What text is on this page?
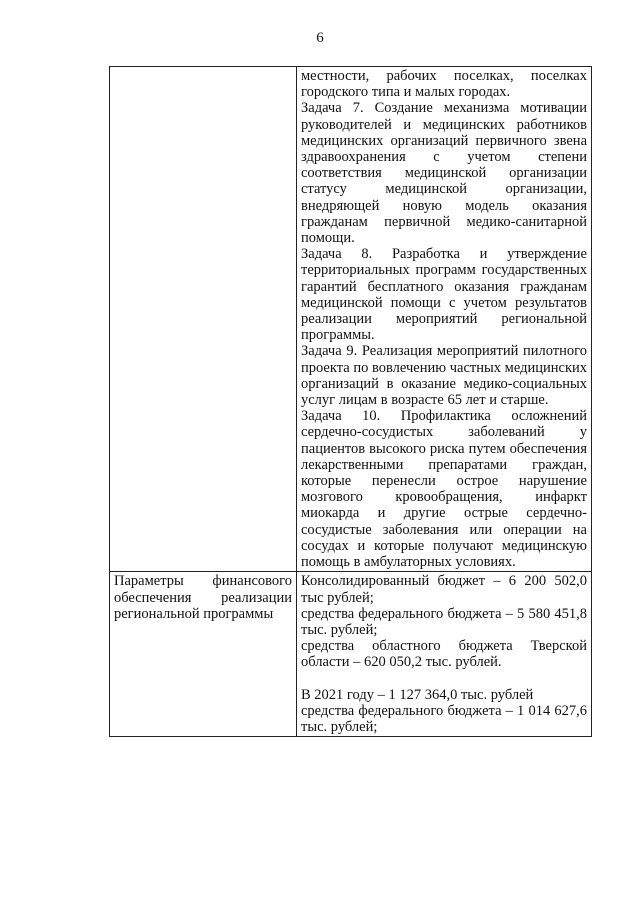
6

	местности, рабочих поселках, поселках городского типа и малых городах.
Задача 7. Создание механизма мотивации руководителей и медицинских работников медицинских организаций первичного звена здравоохранения с учетом степени соответствия медицинской организации статусу медицинской организации, внедряющей новую модель оказания гражданам первичной медико-санитарной помощи.
Задача 8. Разработка и утверждение территориальных программ государственных гарантий бесплатного оказания гражданам медицинской помощи с учетом результатов реализации мероприятий региональной программы.
Задача 9. Реализация мероприятий пилотного проекта по вовлечению частных медицинских организаций в оказание медико-социальных услуг лицам в возрасте 65 лет и старше.
Задача 10. Профилактика осложнений сердечно-сосудистых заболеваний у пациентов высокого риска путем обеспечения лекарственными препаратами граждан, которые перенесли острое нарушение мозгового кровообращения, инфаркт миокарда и другие острые сердечно-сосудистые заболевания или операции на сосудах и которые получают медицинскую помощь в амбулаторных условиях.

Параметры финансового обеспечения реализации региональной программы	Консолидированный бюджет – 6 200 502,0 тыс рублей;
средства федерального бюджета – 5 580 451,8 тыс. рублей;
средства областного бюджета Тверской области – 620 050,2 тыс. рублей.
В 2021 году – 1 127 364,0 тыс. рублей
средства федерального бюджета – 1 014 627,6 тыс. рублей;
